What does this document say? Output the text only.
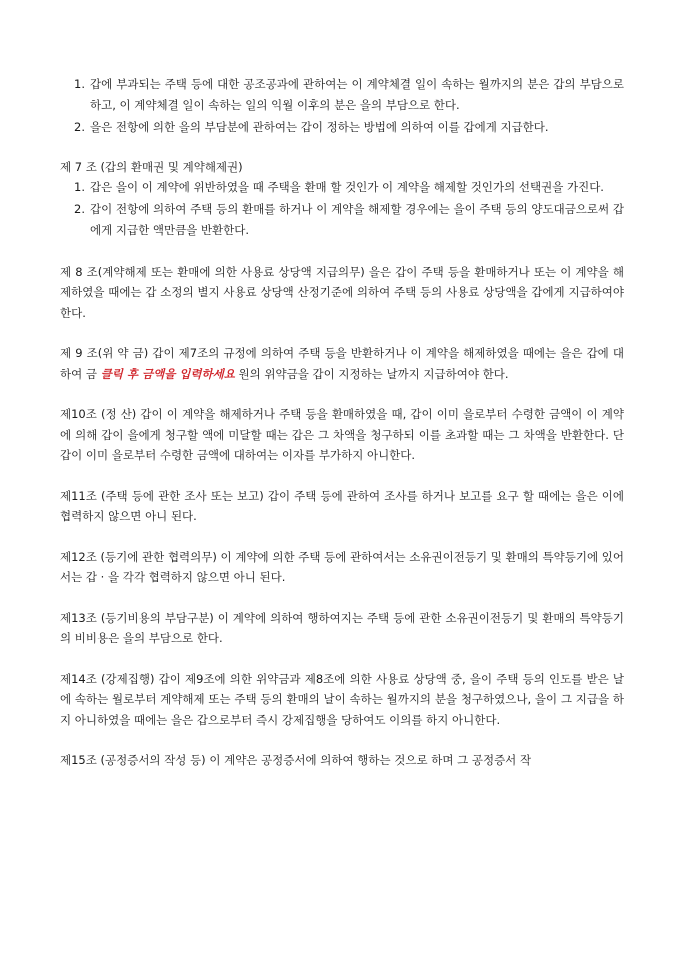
1. 갑에 부과되는 주택 등에 대한 공조공과에 관하여는 이 계약체결 일이 속하는 월까지의 분은 갑의 부담으로 하고, 이 계약체결 일이 속하는 일의 익월 이후의 분은 을의 부담으로 한다.
2. 을은 전항에 의한 을의 부담분에 관하여는 갑이 정하는 방법에 의하여 이를 갑에게 지급한다.

제 7 조 (갑의 환매권 및 계약해제권)

1. 갑은 을이 이 계약에 위반하였을 때 주택을 환매 할 것인가 이 계약을 해제할 것인가의 선택권을 가진다.
2. 갑이 전항에 의하여 주택 등의 환매를 하거나 이 계약을 해제할 경우에는 을이 주택 등의 양도대금으로써 갑에게 지급한 액만큼을 반환한다.

제 8 조(계약해제 또는 환매에 의한 사용료 상당액 지급의무) 을은 갑이 주택 등을 환매하거나 또는 이 계약을 해제하였을 때에는 갑 소정의 별지 사용료 상당액 산정기준에 의하여 주택 등의 사용료 상당액을 갑에게 지급하여야 한다.

제 9 조(위 약 금) 갑이 제7조의 규정에 의하여 주택 등을 반환하거나 이 계약을 해제하였을 때에는 을은 갑에 대하여 금 클릭 후 금액을 입력하세요 원의 위약금을 갑이 지정하는 날까지 지급하여야 한다.

제10조 (정 산) 갑이 이 계약을 해제하거나 주택 등을 환매하였을 때, 갑이 이미 을로부터 수령한 금액이 이 계약에 의해 갑이 을에게 청구할 액에 미달할 때는 갑은 그 차액을 청구하되 이를 초과할 때는 그 차액을 반환한다. 단 갑이 이미 을로부터 수령한 금액에 대하여는 이자를 부가하지 아니한다.

제11조 (주택 등에 관한 조사 또는 보고) 갑이 주택 등에 관하여 조사를 하거나 보고를 요구 할 때에는 을은 이에 협력하지 않으면 아니 된다.

제12조 (등기에 관한 협력의무) 이 계약에 의한 주택 등에 관하여서는 소유권이전등기 및 환매의 특약등기에 있어서는 갑 · 을 각각 협력하지 않으면 아니 된다.

제13조 (등기비용의 부담구분) 이 계약에 의하여 행하여지는 주택 등에 관한 소유권이전등기 및 환매의 특약등기의 비비용은 을의 부담으로 한다.

제14조 (강제집행) 갑이 제9조에 의한 위약금과 제8조에 의한 사용료 상당액 중, 을이 주택 등의 인도를 받은 날에 속하는 월로부터 계약해제 또는 주택 등의 환매의 날이 속하는 월까지의 분을 청구하였으나, 을이 그 지급을 하지 아니하였을 때에는 을은 갑으로부터 즉시 강제집행을 당하여도 이의를 하지 아니한다.

제15조 (공정증서의 작성 등) 이 계약은 공정증서에 의하여 행하는 것으로 하며 그 공정증서 작
